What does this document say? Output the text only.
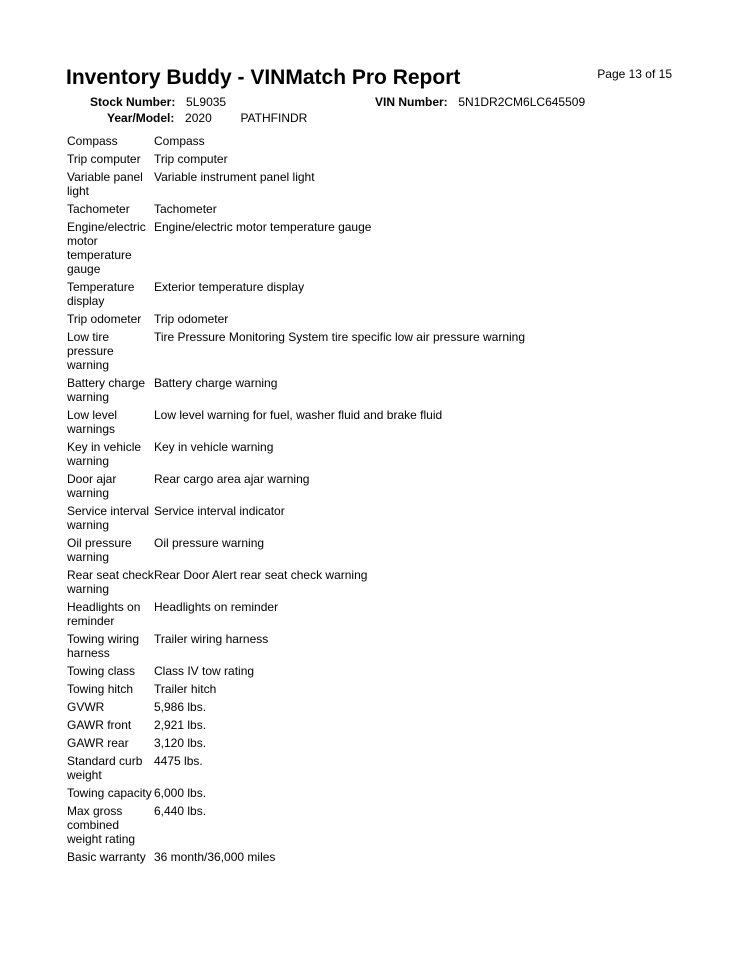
Inventory Buddy - VINMatch Pro Report	Page 13 of 15
Stock Number: 5L9035	VIN Number: 5N1DR2CM6LC645509
Year/Model: 2020 PATHFINDR
Compass	Compass
Trip computer	Trip computer
Variable panel light	Variable instrument panel light
Tachometer	Tachometer
Engine/electric motor temperature gauge	Engine/electric motor temperature gauge
Temperature display	Exterior temperature display
Trip odometer	Trip odometer
Low tire pressure warning	Tire Pressure Monitoring System tire specific low air pressure warning
Battery charge warning	Battery charge warning
Low level warnings	Low level warning for fuel, washer fluid and brake fluid
Key in vehicle warning	Key in vehicle warning
Door ajar warning	Rear cargo area ajar warning
Service interval warning	Service interval indicator
Oil pressure warning	Oil pressure warning
Rear seat check warning	Rear Door Alert rear seat check warning
Headlights on reminder	Headlights on reminder
Towing wiring harness	Trailer wiring harness
Towing class	Class IV tow rating
Towing hitch	Trailer hitch
GVWR	5,986 lbs.
GAWR front	2,921 lbs.
GAWR rear	3,120 lbs.
Standard curb weight	4475 lbs.
Towing capacity	6,000 lbs.
Max gross combined weight rating	6,440 lbs.
Basic warranty	36 month/36,000 miles
